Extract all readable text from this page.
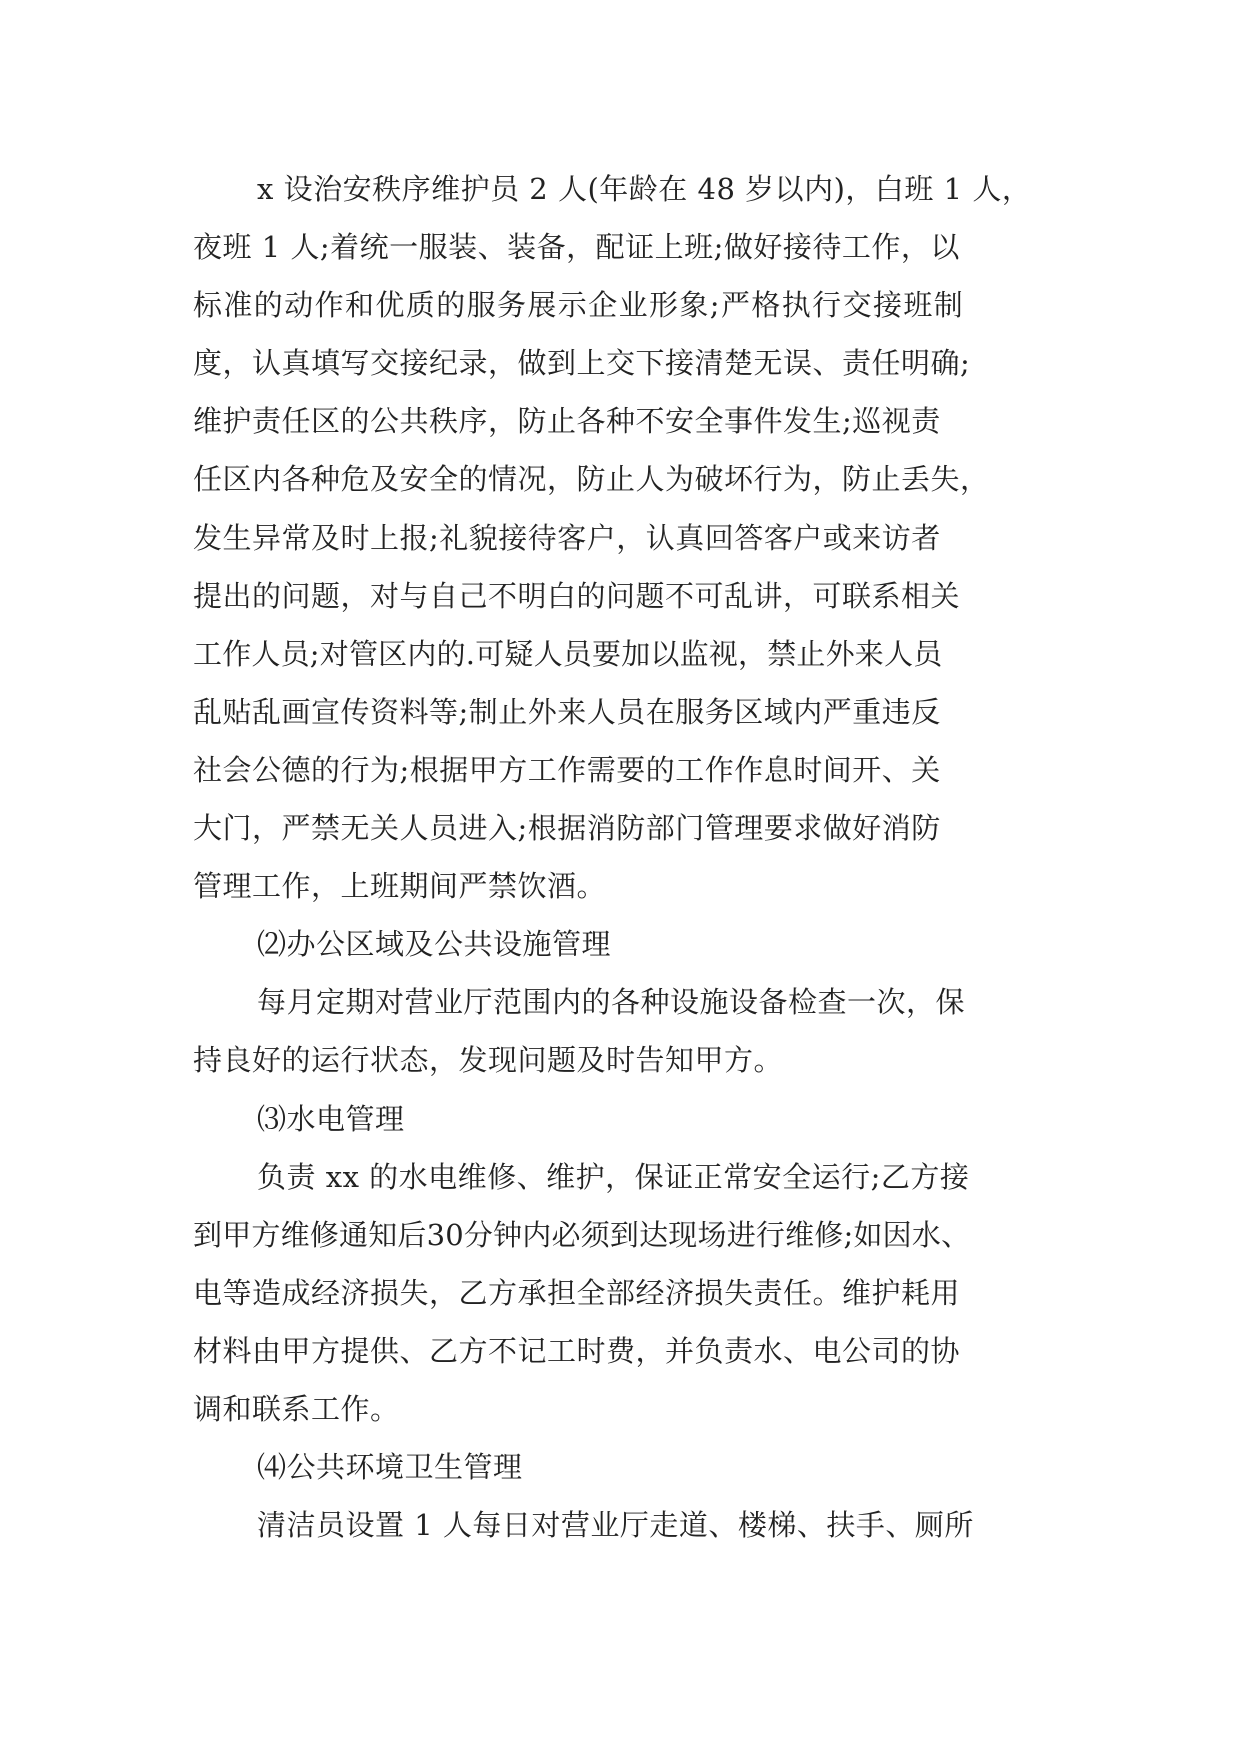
x 设治安秩序维护员 2 人(年龄在 48 岁以内)，白班 1 人，
夜班 1 人;着统一服装、装备，配证上班;做好接待工作，以
标准的动作和优质的服务展示企业形象;严格执行交接班制
度，认真填写交接纪录，做到上交下接清楚无误、责任明确;
维护责任区的公共秩序，防止各种不安全事件发生;巡视责
任区内各种危及安全的情况，防止人为破坏行为，防止丢失，
发生异常及时上报;礼貌接待客户，认真回答客户或来访者
提出的问题，对与自己不明白的问题不可乱讲，可联系相关
工作人员;对管区内的.可疑人员要加以监视，禁止外来人员
乱贴乱画宣传资料等;制止外来人员在服务区域内严重违反
社会公德的行为;根据甲方工作需要的工作作息时间开、关
大门，严禁无关人员进入;根据消防部门管理要求做好消防
管理工作，上班期间严禁饮酒。
⑵办公区域及公共设施管理
每月定期对营业厅范围内的各种设施设备检查一次，保
持良好的运行状态，发现问题及时告知甲方。
⑶水电管理
负责 xx 的水电维修、维护，保证正常安全运行;乙方接
到甲方维修通知后30分钟内必须到达现场进行维修;如因水、
电等造成经济损失，乙方承担全部经济损失责任。维护耗用
材料由甲方提供、乙方不记工时费，并负责水、电公司的协
调和联系工作。
⑷公共环境卫生管理
清洁员设置 1 人每日对营业厅走道、楼梯、扶手、厕所
